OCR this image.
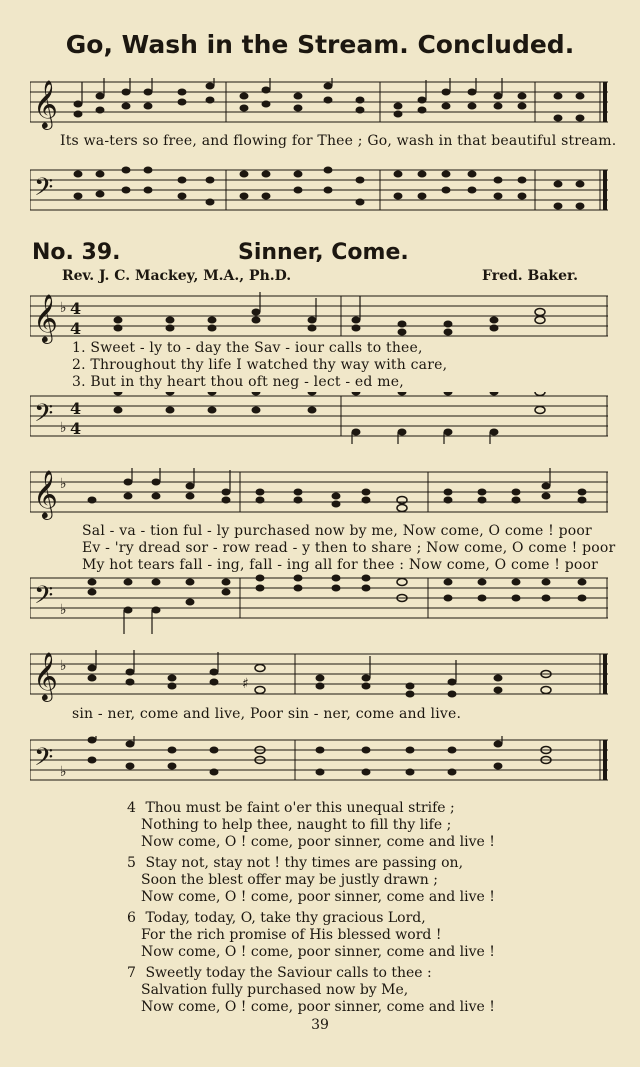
Go, Wash in the Stream. Concluded.
𝄞
Its wa-ters so free, and flowing for Thee ; Go, wash in that beautiful stream.
𝄢
No. 39.	Sinner, Come.
Rev. J. C. Mackey, M.A., Ph.D.	Fred. Baker.
𝄞 ♭ 4
4
1. Sweet - ly to - day the Sav - iour calls to thee,
2. Throughout thy life I watched thy way with care,
3. But in thy heart thou oft neg - lect - ed me,
𝄢 ♭
4
4
𝄞 ♭
Sal - va - tion ful - ly purchased now by me, Now come, O come ! poor
Ev - 'ry dread sor - row read - y then to share ; Now come, O come ! poor
My hot tears fall - ing, fall - ing all for thee : Now come, O come ! poor
𝄢 ♭
𝄞 ♭
♯
sin - ner, come and live, Poor sin - ner, come and live.
𝄢 ♭
4 Thou must be faint o'er this unequal strife ;
Nothing to help thee, naught to fill thy life ;
Now come, O ! come, poor sinner, come and live !
5 Stay not, stay not ! thy times are passing on,
Soon the blest offer may be justly drawn ;
Now come, O ! come, poor sinner, come and live !
6 Today, today, O, take thy gracious Lord,
For the rich promise of His blessed word !
Now come, O ! come, poor sinner, come and live !
7 Sweetly today the Saviour calls to thee :
Salvation fully purchased now by Me,
Now come, O ! come, poor sinner, come and live !
39
